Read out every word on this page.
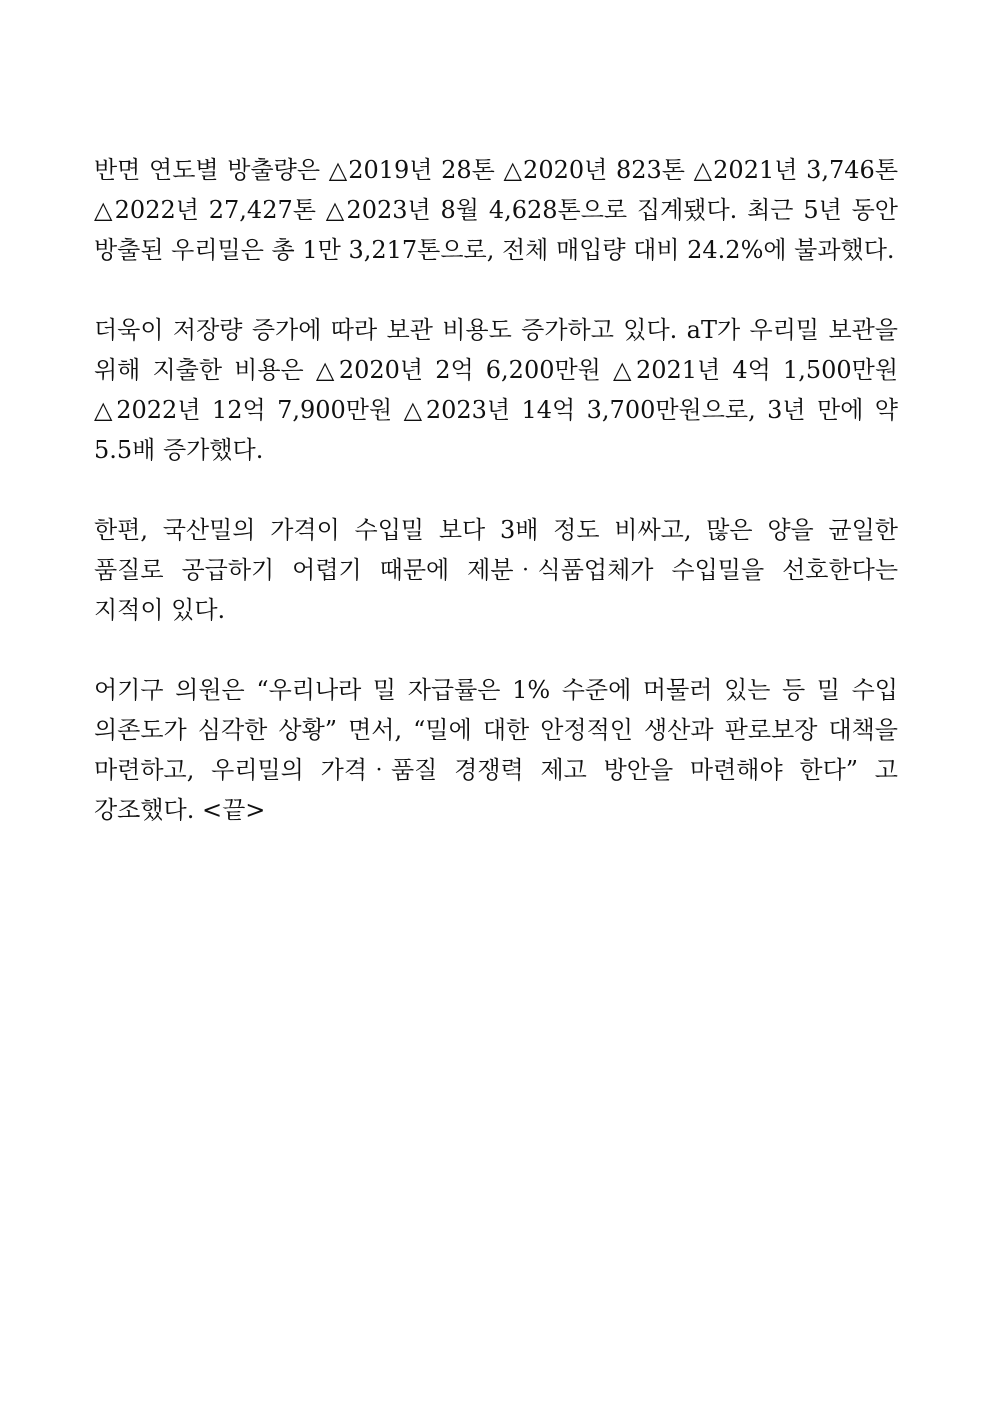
반면 연도별 방출량은 △2019년 28톤 △2020년 823톤 △2021년 3,746톤 △2022년 27,427톤 △2023년 8월 4,628톤으로 집계됐다. 최근 5년 동안 방출된 우리밀은 총 1만 3,217톤으로, 전체 매입량 대비 24.2%에 불과했다.

더욱이 저장량 증가에 따라 보관 비용도 증가하고 있다. aT가 우리밀 보관을 위해 지출한 비용은 △2020년 2억 6,200만원 △2021년 4억 1,500만원 △2022년 12억 7,900만원 △2023년 14억 3,700만원으로, 3년 만에 약 5.5배 증가했다.

한편, 국산밀의 가격이 수입밀 보다 3배 정도 비싸고, 많은 양을 균일한 품질로 공급하기 어렵기 때문에 제분‧식품업체가 수입밀을 선호한다는 지적이 있다.

어기구 의원은 “우리나라 밀 자급률은 1% 수준에 머물러 있는 등 밀 수입 의존도가 심각한 상황” 면서, “밀에 대한 안정적인 생산과 판로보장 대책을 마련하고, 우리밀의 가격‧품질 경쟁력 제고 방안을 마련해야 한다” 고 강조했다. <끝>
